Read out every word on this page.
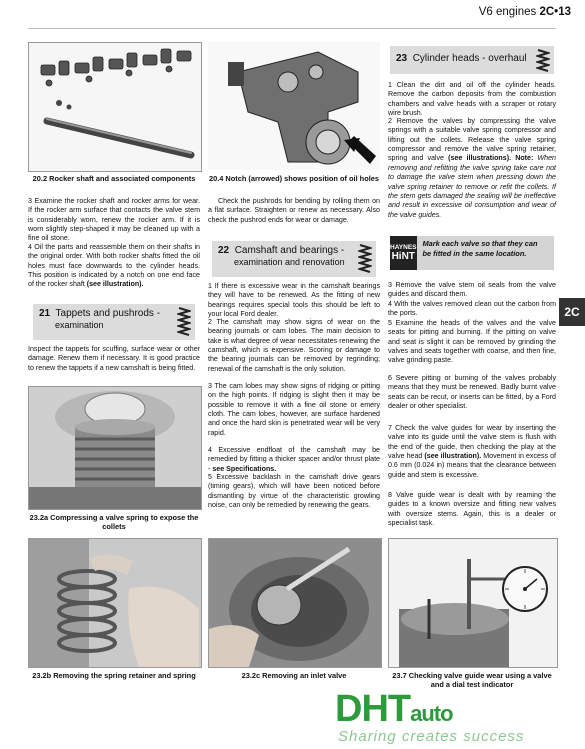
V6 engines 2C•13
20.2 Rocker shaft and associated components

3 Examine the rocker shaft and rocker arms for wear. If the rocker arm surface that contacts the valve stem is considerably worn, renew the rocker arm. If it is worn slightly step-shaped it may be cleaned up with a fine oil stone.

4 Oil the parts and reassemble them on their shafts in the original order. With both rocker shafts fitted the oil holes must face downwards to the cylinder heads. This position is indicated by a notch on one end face of the rocker shaft (see illustration).

21 Tappets and pushrods -
examination

Inspect the tappets for scuffing, surface wear or other damage. Renew them if necessary. It is good practice to renew the tappets if a new camshaft is being fitted.

23.2a Compressing a valve spring to expose the collets
23.2b Removing the spring retainer and spring
20.4 Notch (arrowed) shows position of oil holes

Check the pushrods for bending by rolling them on a flat surface. Straighten or renew as necessary. Also check the pushrod ends for wear or damage.

22 Camshaft and bearings -
examination and renovation

1 If there is excessive wear in the camshaft bearings they will have to be renewed. As the fitting of new bearings requires special tools this should be left to your local Ford dealer.

2 The camshaft may show signs of wear on the bearing journals or cam lobes. The main decision to take is what degree of wear necessitates renewing the camshaft, which is expensive. Scoring or damage to the bearing journals can be removed by regrinding; renewal of the camshaft is the only solution.

3 The cam lobes may show signs of ridging or pitting on the high points. If ridging is slight then it may be possible to remove it with a fine oil stone or emery cloth. The cam lobes, however, are surface hardened and once the hard skin is penetrated wear will be very rapid.

4 Excessive endfloat of the camshaft may be remedied by fitting a thicker spacer and/or thrust plate - see Specifications.

5 Excessive backlash in the camshaft drive gears (timing gears), which will have been noticed before dismantling by virtue of the characteristic growling noise, can only be remedied by renewing the gears.

23.2c Removing an inlet valve
23 Cylinder heads - overhaul

1 Clean the dirt and oil off the cylinder heads. Remove the carbon deposits from the combustion chambers and valve heads with a scraper or rotary wire brush.

2 Remove the valves by compressing the valve springs with a suitable valve spring compressor and lifting out the collets. Release the valve spring compressor and remove the valve spring retainer, spring and valve (see illustrations). Note: When removing and refitting the valve spring take care not to damage the valve stem when pressing down the valve spring retainer to remove or refit the collets. If the stem gets damaged the sealing will be ineffective and result in excessive oil consumption and wear of the valve guides.

HAYNES
HiNT
Mark each valve so that they can be fitted in the same location.

3 Remove the valve stem oil seals from the valve guides and discard them.

4 With the valves removed clean out the carbon from the ports.

5 Examine the heads of the valves and the valve seats for pitting and burning. If the pitting on valve and seat is slight it can be removed by grinding the valves and seats together with coarse, and then fine, valve grinding paste.

6 Severe pitting or burning of the valves probably means that they must be renewed. Badly burnt valve seats can be recut, or inserts can be fitted, by a Ford dealer or other specialist.

7 Check the valve guides for wear by inserting the valve into its guide until the valve stem is flush with the end of the guide, then checking the play at the valve head (see illustration). Movement in excess of 0.6 mm (0.024 in) means that the clearance between guide and stem is excessive.

8 Valve guide wear is dealt with by reaming the guides to a known oversize and fitting new valves with oversize stems. Again, this is a dealer or specialist task.

23.7 Checking valve guide wear using a valve and a dial test indicator
2C
DHTauto
Sharing creates success
